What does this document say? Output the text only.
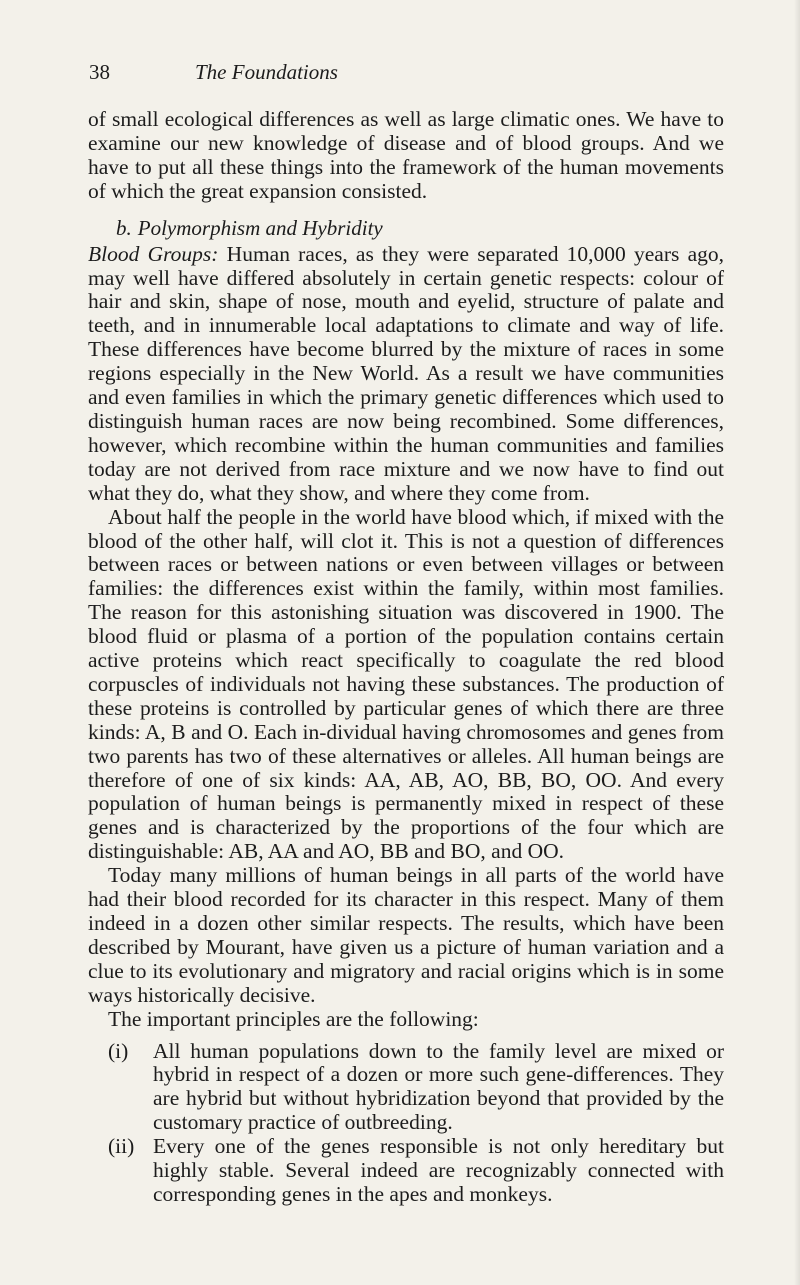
38	The Foundations

of small ecological differences as well as large climatic ones. We have to examine our new knowledge of disease and of blood groups. And we have to put all these things into the framework of the human movements of which the great expansion consisted.

b. Polymorphism and Hybridity

Blood Groups: Human races, as they were separated 10,000 years ago, may well have differed absolutely in certain genetic respects: colour of hair and skin, shape of nose, mouth and eyelid, structure of palate and teeth, and in innumerable local adaptations to climate and way of life. These differences have become blurred by the mixture of races in some regions especially in the New World. As a result we have communities and even families in which the primary genetic differences which used to distinguish human races are now being recombined. Some differences, however, which recombine within the human communities and families today are not derived from race mixture and we now have to find out what they do, what they show, and where they come from.

About half the people in the world have blood which, if mixed with the blood of the other half, will clot it. This is not a question of differences between races or between nations or even between villages or between families: the differences exist within the family, within most families. The reason for this astonishing situation was discovered in 1900. The blood fluid or plasma of a portion of the population contains certain active proteins which react specifically to coagulate the red blood corpuscles of individuals not having these substances. The production of these proteins is controlled by particular genes of which there are three kinds: A, B and O. Each in-dividual having chromosomes and genes from two parents has two of these alternatives or alleles. All human beings are therefore of one of six kinds: AA, AB, AO, BB, BO, OO. And every population of human beings is permanently mixed in respect of these genes and is characterized by the proportions of the four which are distinguishable: AB, AA and AO, BB and BO, and OO.

Today many millions of human beings in all parts of the world have had their blood recorded for its character in this respect. Many of them indeed in a dozen other similar respects. The results, which have been described by Mourant, have given us a picture of human variation and a clue to its evolutionary and migratory and racial origins which is in some ways historically decisive.

The important principles are the following:

(i) All human populations down to the family level are mixed or hybrid in respect of a dozen or more such gene-differences. They are hybrid but without hybridization beyond that provided by the customary practice of outbreeding.
(ii) Every one of the genes responsible is not only hereditary but highly stable. Several indeed are recognizably connected with corresponding genes in the apes and monkeys.
